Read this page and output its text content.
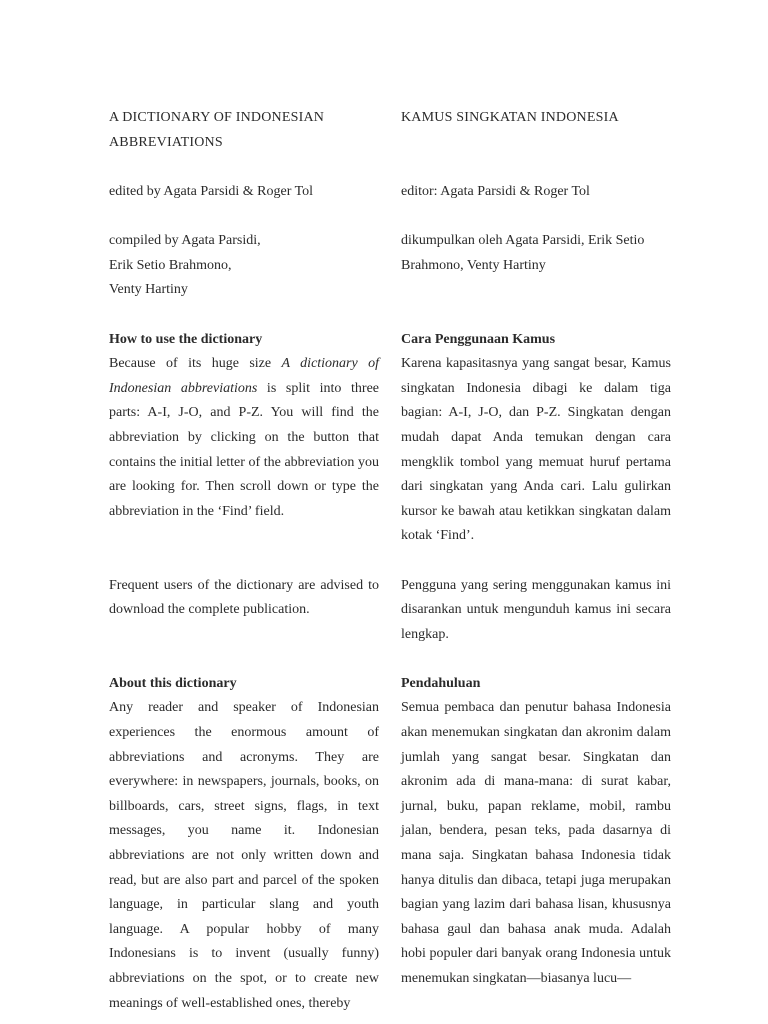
A DICTIONARY OF INDONESIAN ABBREVIATIONS

edited by Agata Parsidi & Roger Tol

compiled by Agata Parsidi,
Erik Setio Brahmono,
Venty Hartiny

How to use the dictionary

Because of its huge size A dictionary of Indonesian abbreviations is split into three parts: A-I, J-O, and P-Z. You will find the abbreviation by clicking on the button that contains the initial letter of the abbreviation you are looking for. Then scroll down or type the abbreviation in the ‘Find’ field.

Frequent users of the dictionary are advised to download the complete publication.

About this dictionary

Any reader and speaker of Indonesian experiences the enormous amount of abbreviations and acronyms. They are everywhere: in newspapers, journals, books, on billboards, cars, street signs, flags, in text messages, you name it. Indonesian abbreviations are not only written down and read, but are also part and parcel of the spoken language, in particular slang and youth language. A popular hobby of many Indonesians is to invent (usually funny) abbreviations on the spot, or to create new meanings of well-established ones, thereby

KAMUS SINGKATAN INDONESIA

editor: Agata Parsidi & Roger Tol

dikumpulkan oleh Agata Parsidi, Erik Setio Brahmono, Venty Hartiny

Cara Penggunaan Kamus

Karena kapasitasnya yang sangat besar, Kamus singkatan Indonesia dibagi ke dalam tiga bagian: A-I, J-O, dan P-Z. Singkatan dengan mudah dapat Anda temukan dengan cara mengklik tombol yang memuat huruf pertama dari singkatan yang Anda cari. Lalu gulirkan kursor ke bawah atau ketikkan singkatan dalam kotak ‘Find’.

Pengguna yang sering menggunakan kamus ini disarankan untuk mengunduh kamus ini secara lengkap.

Pendahuluan

Semua pembaca dan penutur bahasa Indonesia akan menemukan singkatan dan akronim dalam jumlah yang sangat besar. Singkatan dan akronim ada di mana-mana: di surat kabar, jurnal, buku, papan reklame, mobil, rambu jalan, bendera, pesan teks, pada dasarnya di mana saja. Singkatan bahasa Indonesia tidak hanya ditulis dan dibaca, tetapi juga merupakan bagian yang lazim dari bahasa lisan, khususnya bahasa gaul dan bahasa anak muda. Adalah hobi populer dari banyak orang Indonesia untuk menemukan singkatan—biasanya lucu—
